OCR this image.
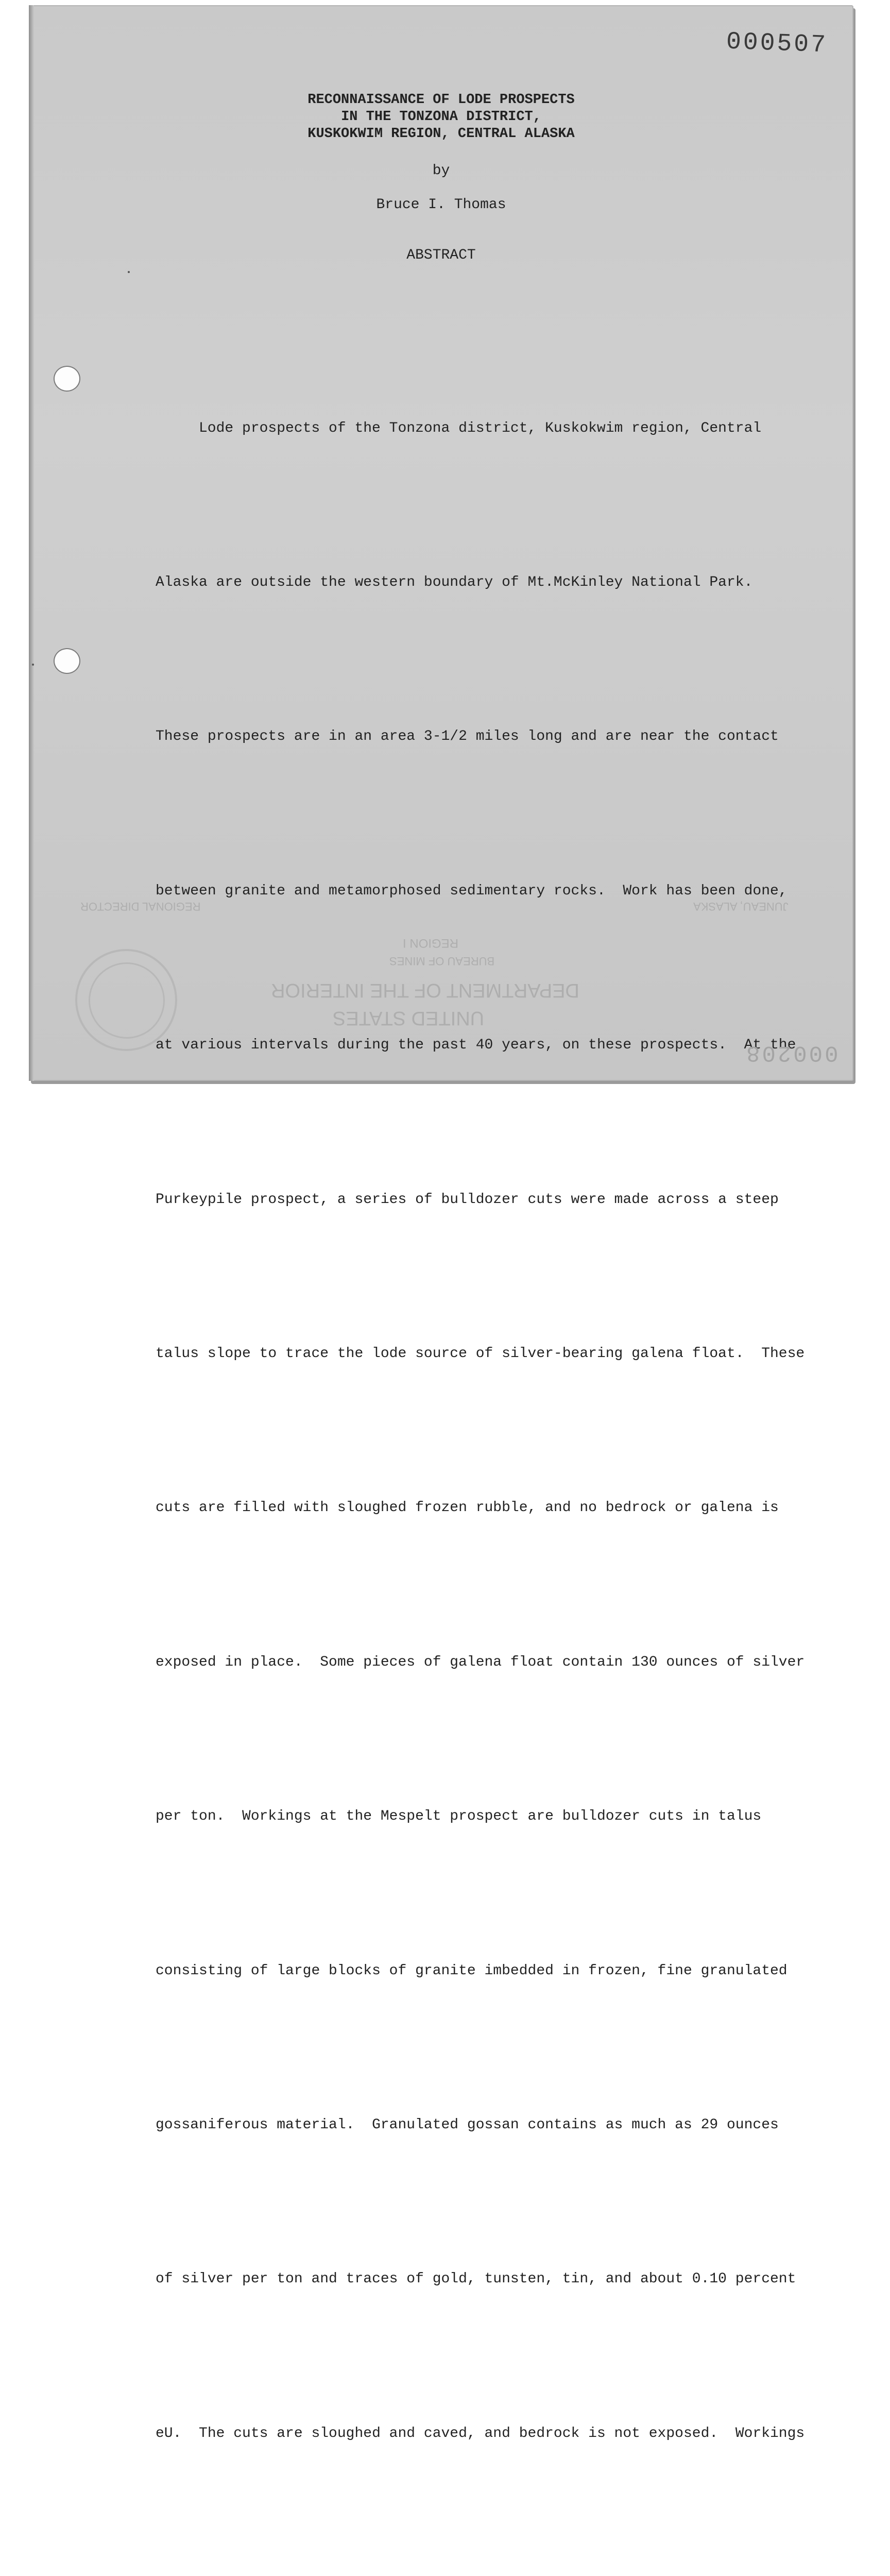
000507
RECONNAISSANCE OF LODE PROSPECTS
IN THE TONZONA DISTRICT,
KUSKOKWIM REGION, CENTRAL ALASKA
by
Bruce I. Thomas
ABSTRACT
REGIONAL DIRECTOR	JUNEAU, ALASKA
REGION I
BUREAU OF MINES
DEPARTMENT OF THE INTERIOR
UNITED STATES

Lode prospects of the Tonzona district, Kuskokwim region, Central

Alaska are outside the western boundary of Mt.McKinley National Park.

These prospects are in an area 3-1/2 miles long and are near the contact

between granite and metamorphosed sedimentary rocks.  Work has been done,

at various intervals during the past 40 years, on these prospects.  At the

Purkeypile prospect, a series of bulldozer cuts were made across a steep

talus slope to trace the lode source of silver-bearing galena float.  These

cuts are filled with sloughed frozen rubble, and no bedrock or galena is

exposed in place.  Some pieces of galena float contain 130 ounces of silver

per ton.  Workings at the Mespelt prospect are bulldozer cuts in talus

consisting of large blocks of granite imbedded in frozen, fine granulated

gossaniferous material.  Granulated gossan contains as much as 29 ounces

of silver per ton and traces of gold, tunsten, tin, and about 0.10 percent

eU.  The cuts are sloughed and caved, and bedrock is not exposed.  Workings

000208
